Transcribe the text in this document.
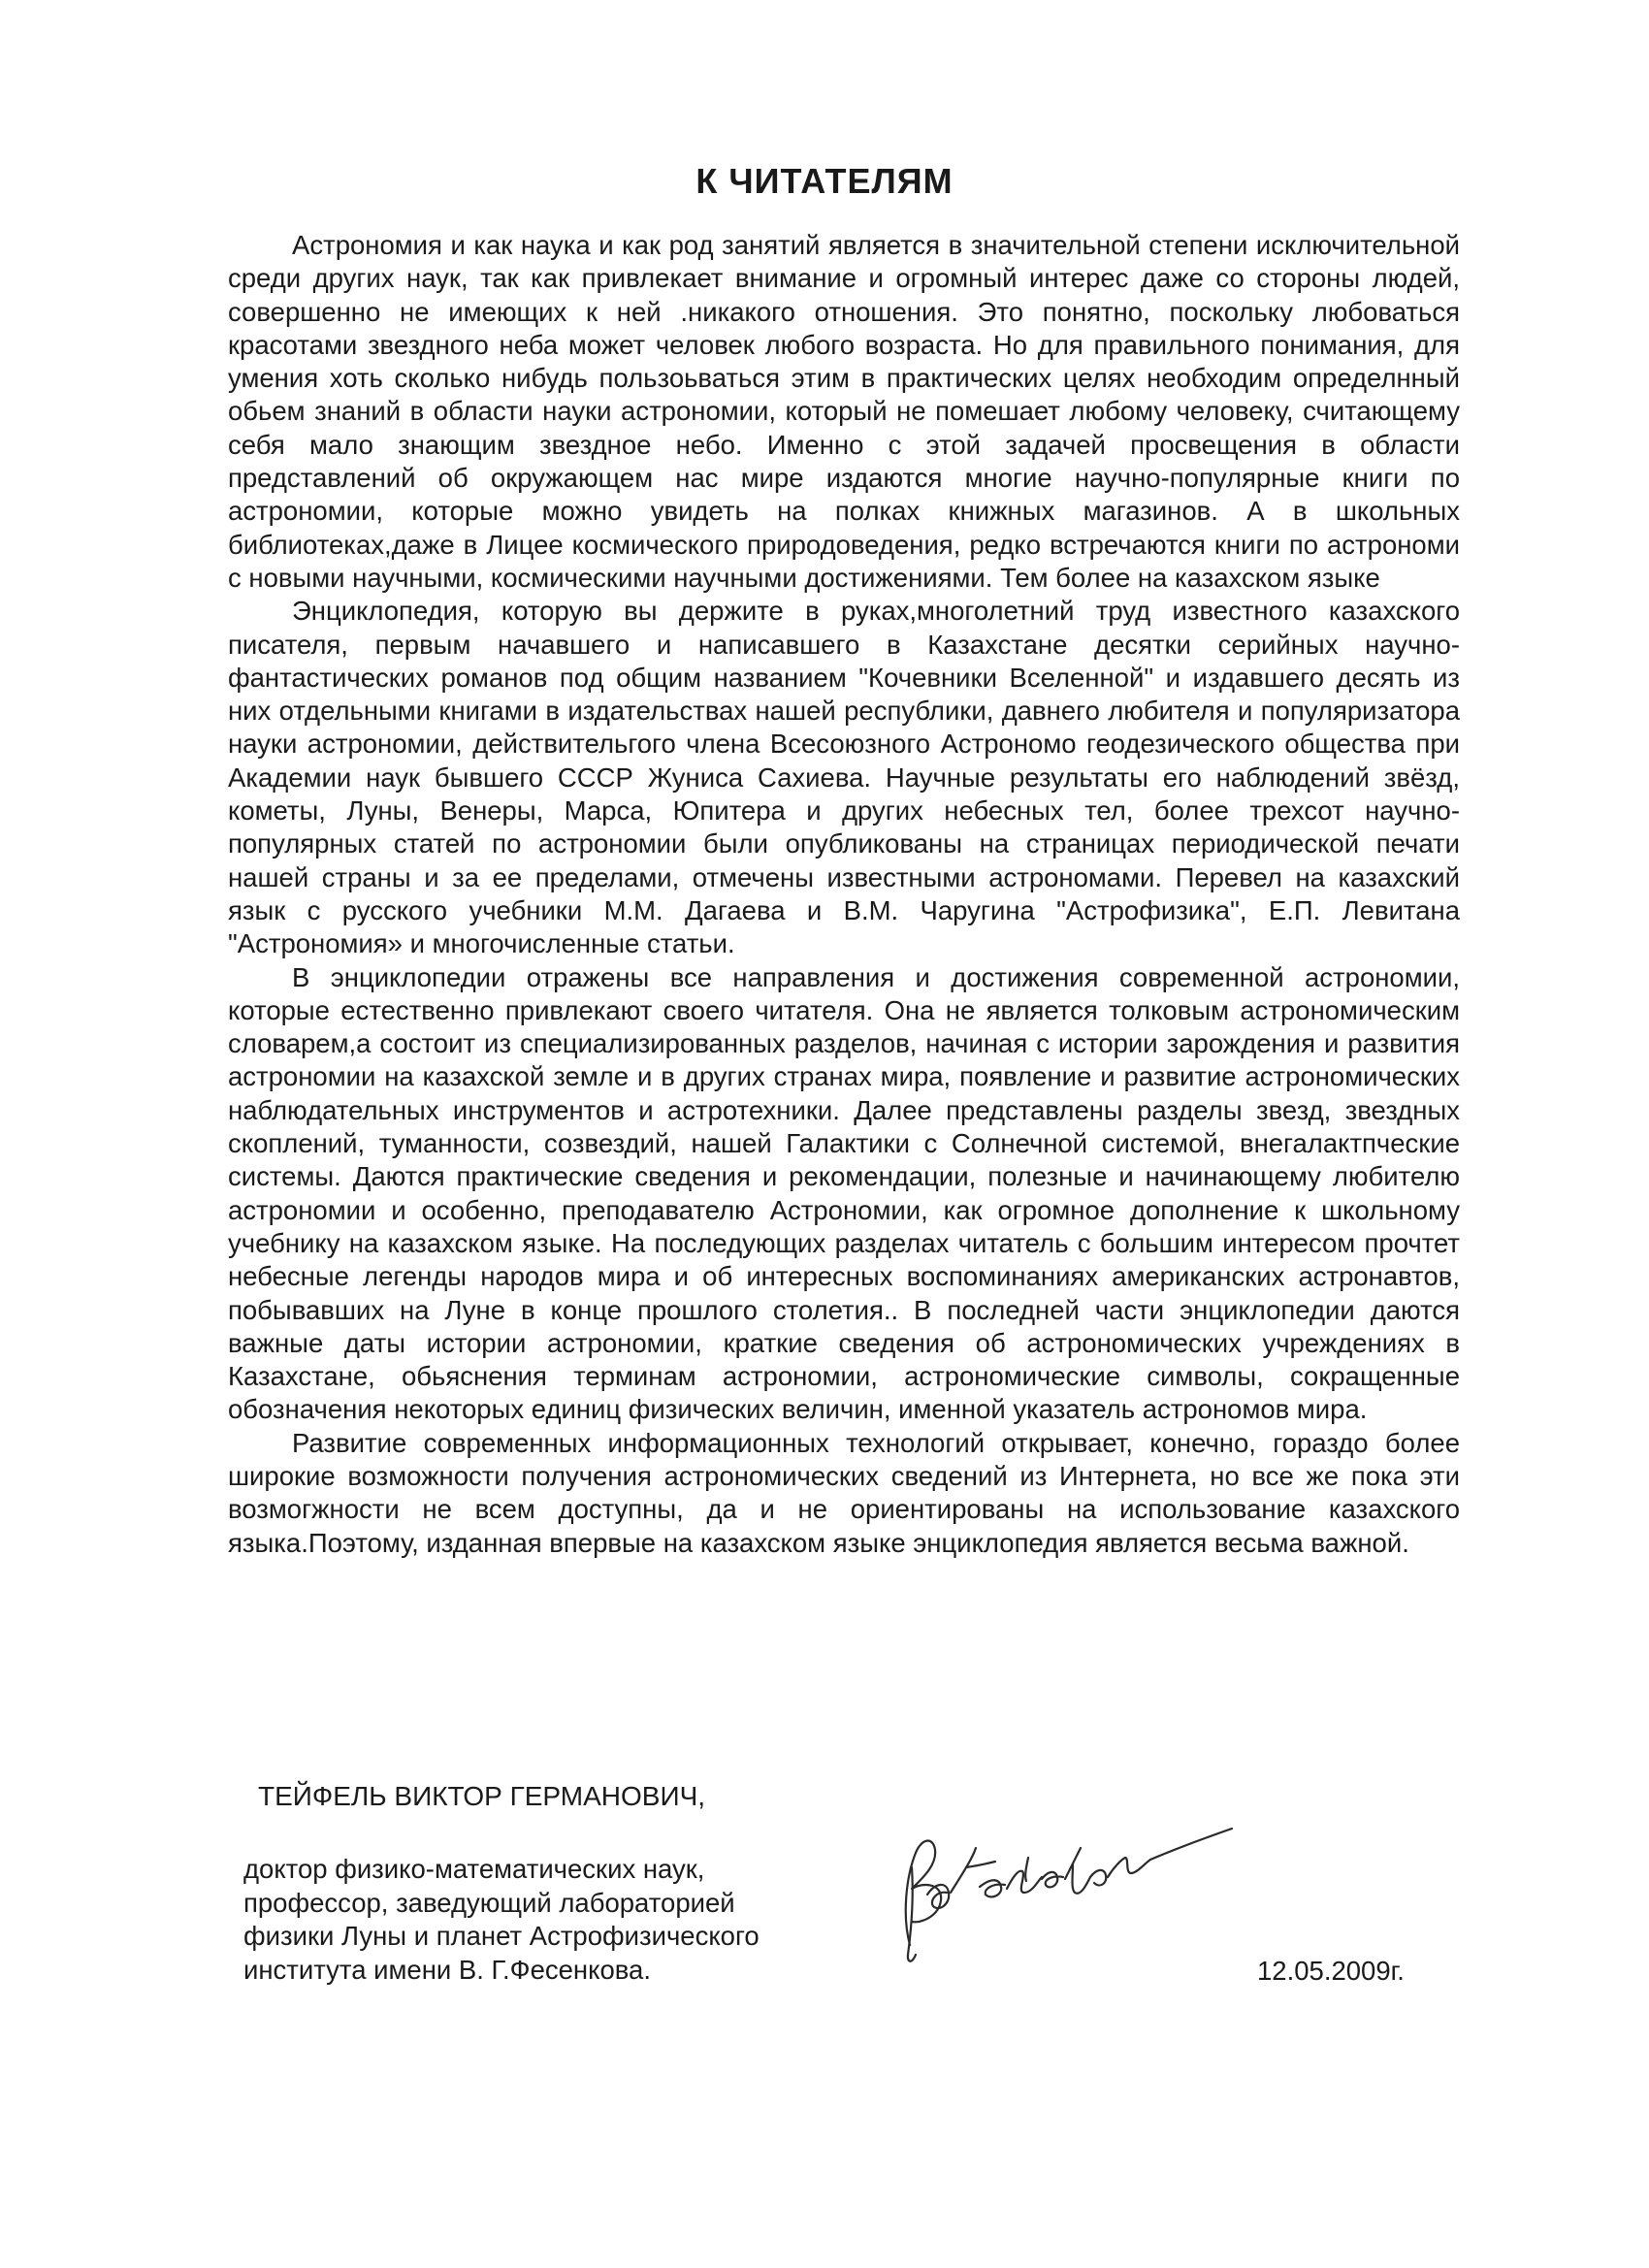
К ЧИТАТЕЛЯМ

Астрономия и как наука и как род занятий является в значительной степени исключительной среди других наук, так как привлекает внимание и огромный интерес даже со стороны людей, совершенно не имеющих к ней .никакого отношения. Это понятно, поскольку любоваться красотами звездного неба может человек любого возраста. Но для правильного понимания, для умения хоть сколько нибудь пользоьваться этим в практических целях необходим определнный обьем знаний в области науки астрономии, который не помешает любому человеку, считающему себя мало знающим звездное небо. Именно с этой задачей просвещения в области представлений об окружающем нас мире издаются многие научно-популярные книги по астрономии, которые можно увидеть на полках книжных магазинов. А в школьных библиотеках,даже в Лицее космического природоведения, редко встречаются книги по астрономи с новыми научными, космическими научными достижениями. Тем более на казахском языке

Энциклопедия, которую вы держите в руках,многолетний труд известного казахского писателя, первым начавшего и написавшего в Казахстане десятки серийных научно-фантастических романов под общим названием "Кочевники Вселенной" и издавшего десять из них отдельными книгами в издательствах нашей республики, давнего любителя и популяризатора науки астрономии, действительгого члена Всесоюзного Астрономо геодезического общества при Академии наук бывшего СССР Жуниса Сахиева. Научные результаты его наблюдений звёзд, кометы, Луны, Венеры, Марса, Юпитера и других небесных тел, более трехсот научно-популярных статей по астрономии были опубликованы на страницах периодической печати нашей страны и за ее пределами, отмечены известными астрономами. Перевел на казахский язык с русского учебники М.М. Дагаева и В.М. Чаругина "Астрофизика", Е.П. Левитана "Астрономия» и многочисленные статьи.

В энциклопедии отражены все направления и достижения современной астрономии, которые естественно привлекают своего читателя. Она не является толковым астрономическим словарем,а состоит из специализированных разделов, начиная с истории зарождения и развития астрономии на казахской земле и в других странах мира, появление и развитие астрономических наблюдательных инструментов и астротехники. Далее представлены разделы звезд, звездных скоплений, туманности, созвездий, нашей Галактики с Солнечной системой, внегалактпческие системы. Даются практические сведения и рекомендации, полезные и начинающему любителю астрономии и особенно, преподавателю Астрономии, как огромное дополнение к школьному учебнику на казахском языке. На последующих разделах читатель с большим интересом прочтет небесные легенды народов мира и об интересных воспоминаниях американских астронавтов, побывавших на Луне в конце прошлого столетия.. В последней части энциклопедии даются важные даты истории астрономии, краткие сведения об астрономических учреждениях в Казахстане, обьяснения терминам астрономии, астрономические символы, сокращенные обозначения некоторых единиц физических величин, именной указатель астрономов мира.

Развитие современных информационных технологий открывает, конечно, гораздо более широкие возможности получения астрономических сведений из Интернета, но все же пока эти возмогжности не всем доступны, да и не ориентированы на использование казахского языка.Поэтому, изданная впервые на казахском языке энциклопедия является весьма важной.

ТЕЙФЕЛЬ ВИКТОР ГЕРМАНОВИЧ,

доктор физико-математических наук,
профессор, заведующий лабораторией
физики Луны и планет Астрофизического
института имени В. Г.Фесенкова.	12.05.2009г.
